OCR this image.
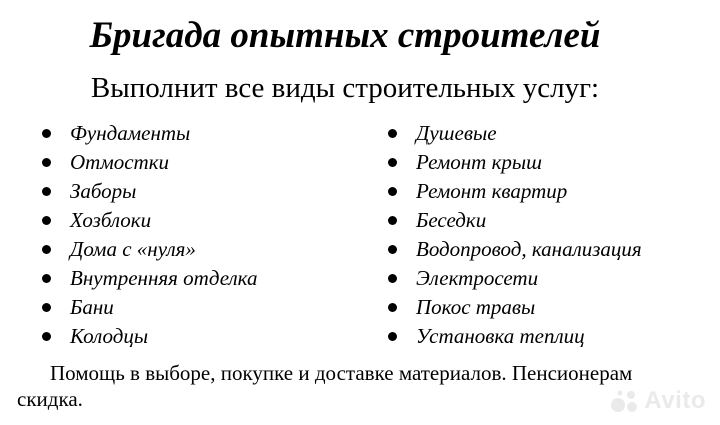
Бригада опытных строителей
Выполнит все виды строительных услуг:
Фундаменты
Отмостки
Заборы
Хозблоки
Дома с «нуля»
Внутренняя отделка
Бани
Колодцы
Душевые
Ремонт крыш
Ремонт квартир
Беседки
Водопровод, канализация
Электросети
Покос травы
Установка теплиц
Помощь в выборе, покупке и доставке материалов. Пенсионерам скидка.	Avito
